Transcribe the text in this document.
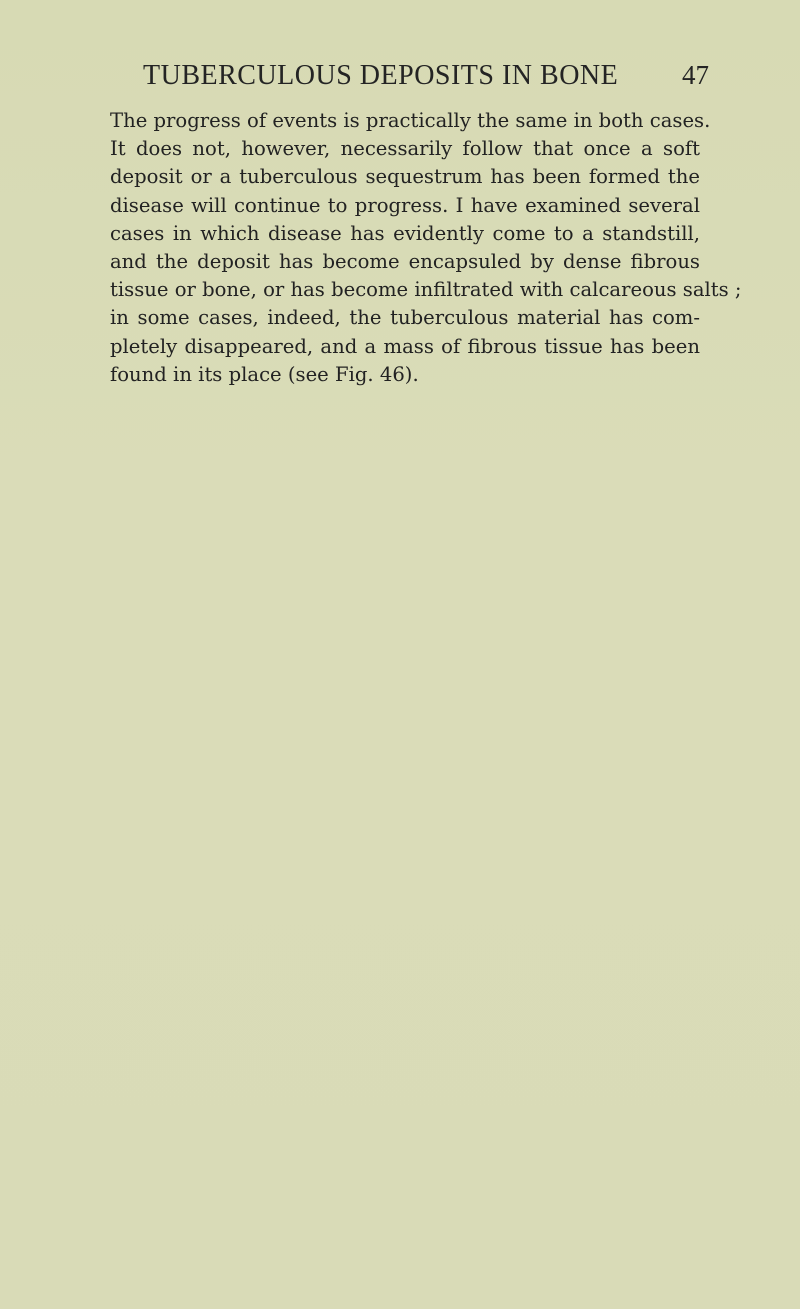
TUBERCULOUS DEPOSITS IN BONE 47
The progress of events is practically the same in both cases.
It does not, however, necessarily follow that once a soft
deposit or a tuberculous sequestrum has been formed the
disease will continue to progress. I have examined several
cases in which disease has evidently come to a standstill,
and the deposit has become encapsuled by dense fibrous
tissue or bone, or has become infiltrated with calcareous salts ;
in some cases, indeed, the tuberculous material has com-
pletely disappeared, and a mass of fibrous tissue has been
found in its place (see Fig. 46).
